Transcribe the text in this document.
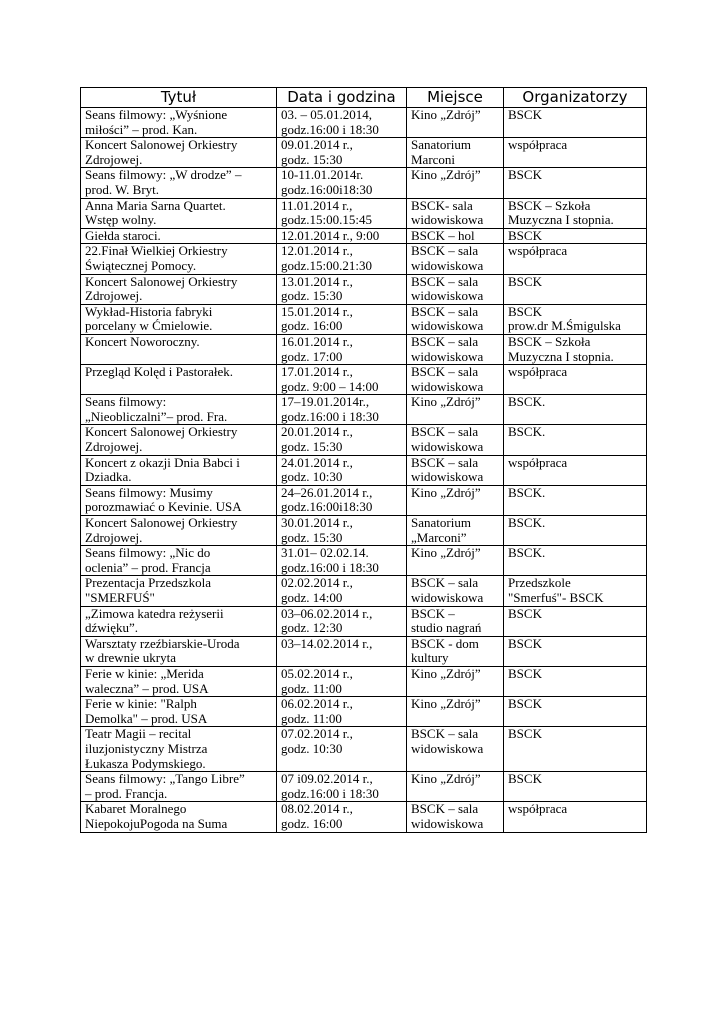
Tytuł	Data i godzina	Miejsce	Organizatorzy

Seans filmowy: „Wyśnione
miłości” – prod. Kan.	03. – 05.01.2014,
godz.16:00 i 18:30	Kino „Zdrój”	BSCK

Koncert Salonowej Orkiestry
Zdrojowej.	09.01.2014 r.,
godz. 15:30	Sanatorium
Marconi	współpraca

Seans filmowy: „W drodze” –
prod. W. Bryt.	10-11.01.2014r.
godz.16:00i18:30	Kino „Zdrój”	BSCK

Anna Maria Sarna Quartet.
Wstęp wolny.	11.01.2014 r.,
godz.15:00.15:45	BSCK- sala
widowiskowa	BSCK – Szkoła
Muzyczna I stopnia.

Giełda staroci.	12.01.2014 r., 9:00	BSCK – hol	BSCK

22.Finał Wielkiej Orkiestry
Świątecznej Pomocy.	12.01.2014 r.,
godz.15:00.21:30	BSCK – sala
widowiskowa	współpraca

Koncert Salonowej Orkiestry
Zdrojowej.	13.01.2014 r.,
godz. 15:30	BSCK – sala
widowiskowa	BSCK

Wykład-Historia fabryki
porcelany w Ćmielowie.	15.01.2014 r.,
godz. 16:00	BSCK – sala
widowiskowa	BSCK
prow.dr M.Śmigulska

Koncert Noworoczny.	16.01.2014 r.,
godz. 17:00	BSCK – sala
widowiskowa	BSCK – Szkoła
Muzyczna I stopnia.

Przegląd Kolęd i Pastorałek.	17.01.2014 r.,
godz. 9:00 – 14:00	BSCK – sala
widowiskowa	współpraca

Seans filmowy:
„Nieobliczalni”– prod. Fra.	17–19.01.2014r.,
godz.16:00 i 18:30	Kino „Zdrój”	BSCK.

Koncert Salonowej Orkiestry
Zdrojowej.	20.01.2014 r.,
godz. 15:30	BSCK – sala
widowiskowa	BSCK.

Koncert z okazji Dnia Babci i
Dziadka.	24.01.2014 r.,
godz. 10:30	BSCK – sala
widowiskowa	współpraca

Seans filmowy: Musimy
porozmawiać o Kevinie. USA	24–26.01.2014 r.,
godz.16:00i18:30	Kino „Zdrój”	BSCK.

Koncert Salonowej Orkiestry
Zdrojowej.	30.01.2014 r.,
godz. 15:30	Sanatorium
„Marconi”	BSCK.

Seans filmowy: „Nic do
oclenia” – prod. Francja	31.01– 02.02.14.
godz.16:00 i 18:30	Kino „Zdrój”	BSCK.

Prezentacja Przedszkola
"SMERFUŚ"	02.02.2014 r.,
godz. 14:00	BSCK – sala
widowiskowa	Przedszkole
"Smerfuś"- BSCK

„Zimowa katedra reżyserii
dźwięku”.	03–06.02.2014 r.,
godz. 12:30	BSCK –
studio nagrań	BSCK

Warsztaty rzeźbiarskie-Uroda
w drewnie ukryta	03–14.02.2014 r.,	BSCK - dom
kultury	BSCK

Ferie w kinie: „Merida
waleczna” – prod. USA	05.02.2014 r.,
godz. 11:00	Kino „Zdrój”	BSCK

Ferie w kinie: "Ralph
Demolka" – prod. USA	06.02.2014 r.,
godz. 11:00	Kino „Zdrój”	BSCK

Teatr Magii – recital
iluzjonistyczny Mistrza
Łukasza Podymskiego.	07.02.2014 r.,
godz. 10:30	BSCK – sala
widowiskowa	BSCK

Seans filmowy: „Tango Libre”
– prod. Francja.	07 i09.02.2014 r.,
godz.16:00 i 18:30	Kino „Zdrój”	BSCK

Kabaret Moralnego
NiepokojuPogoda na Suma	08.02.2014 r.,
godz. 16:00	BSCK – sala
widowiskowa	współpraca
